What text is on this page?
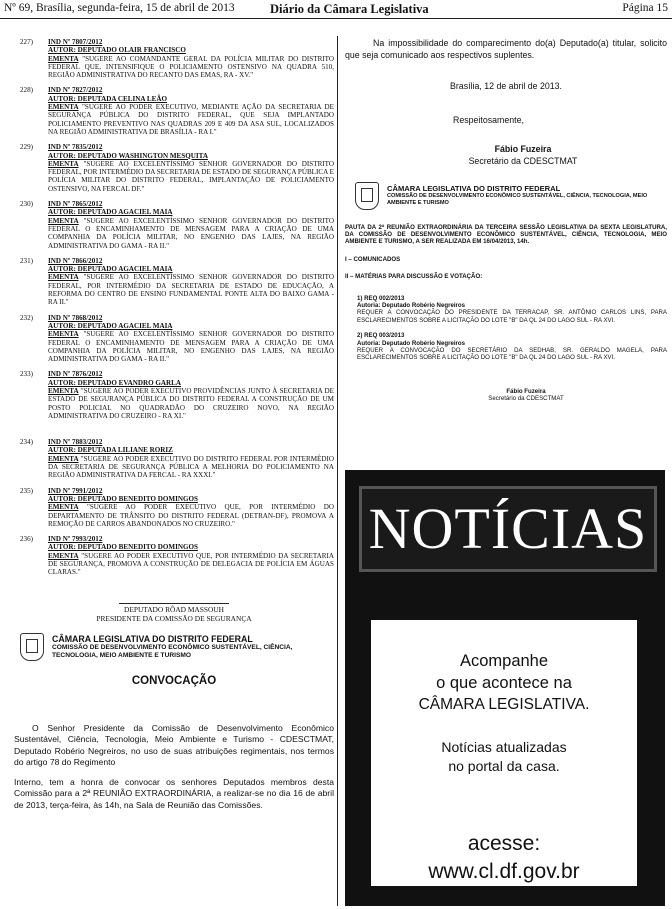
Nº 69, Brasília, segunda-feira, 15 de abril de 2013	Diário da Câmara Legislativa	Página 15
227) IND Nº 7807/2012
AUTOR: DEPUTADO OLAIR FRANCISCO
EMENTA "SUGERE AO COMANDANTE GERAL DA POLÍCIA MILITAR DO DISTRITO FEDERAL QUE, INTENSIFIQUE O POLICIAMENTO OSTENSIVO NA QUADRA 510, REGIÃO ADMINISTRATIVA DO RECANTO DAS EMAS, RA - XV."
228) IND Nº 7827/2012
AUTOR: DEPUTADA CELINA LEÃO
EMENTA "SUGERE AO PODER EXECUTIVO, MEDIANTE AÇÃO DA SECRETARIA DE SEGURANÇA PÚBLICA DO DISTRITO FEDERAL, QUE SEJA IMPLANTADO POLICIAMENTO PREVENTIVO NAS QUADRAS 209 E 409 DA ASA SUL, LOCALIZADOS NA REGIÃO ADMINISTRATIVA DE BRASÍLIA - RA I."
229) IND Nº 7835/2012
AUTOR: DEPUTADO WASHINGTON MESQUITA
EMENTA "SUGERE AO EXCELENTÍSSIMO SENHOR GOVERNADOR DO DISTRITO FEDERAL, POR INTERMÉDIO DA SECRETARIA DE ESTADO DE SEGURANÇA PÚBLICA E POLÍCIA MILITAR DO DISTRITO FEDERAL, IMPLANTAÇÃO DE POLICIAMENTO OSTENSIVO, NA FERCAL DF."
230) IND Nº 7865/2012
AUTOR: DEPUTADO AGACIEL MAIA
EMENTA "SUGERE AO EXCELENTÍSSIMO SENHOR GOVERNADOR DO DISTRITO FEDERAL O ENCAMINHAMENTO DE MENSAGEM PARA A CRIAÇÃO DE UMA COMPANHIA DA POLÍCIA MILITAR, NO ENGENHO DAS LAJES, NA REGIÃO ADMINISTRATIVA DO GAMA - RA II."
231) IND Nº 7866/2012
AUTOR: DEPUTADO AGACIEL MAIA
EMENTA "SUGERE AO EXCELENTÍSSIMO SENHOR GOVERNADOR DO DISTRITO FEDERAL, POR INTERMÉDIO DA SECRETARIA DE ESTADO DE EDUCAÇÃO, A REFORMA DO CENTRO DE ENSINO FUNDAMENTAL PONTE ALTA DO BAIXO GAMA - RA II."
232) IND Nº 7868/2012
AUTOR: DEPUTADO AGACIEL MAIA
EMENTA "SUGERE AO EXCELENTÍSSIMO SENHOR GOVERNADOR DO DISTRITO FEDERAL O ENCAMINHAMENTO DE MENSAGEM PARA A CRIAÇÃO DE UMA COMPANHIA DA POLÍCIA MILITAR, NO ENGENHO DAS LAJES, NA REGIÃO ADMINISTRATIVA DO GAMA - RA II."
233) IND Nº 7876/2012
AUTOR: DEPUTADO EVANDRO GARLA
EMENTA "SUGERE AO PODER EXECUTIVO PROVIDÊNCIAS JUNTO À SECRETARIA DE ESTADO DE SEGURANÇA PÚBLICA DO DISTRITO FEDERAL A CONSTRUÇÃO DE UM POSTO POLICIAL NO QUADRADÃO DO CRUZEIRO NOVO, NA REGIÃO ADMINISTRATIVA DO CRUZEIRO - RA XI."
234) IND Nº 7883/2012
AUTOR: DEPUTADA LILIANE RORIZ
EMENTA "SUGERE AO PODER EXECUTIVO DO DISTRITO FEDERAL POR INTERMÉDIO DA SECRETARIA DE SEGURANÇA PÚBLICA A MELHORIA DO POLICIAMENTO NA REGIÃO ADMINISTRATIVA DA FERCAL - RA XXXI."
235) IND Nº 7991/2012
AUTOR: DEPUTADO BENEDITO DOMINGOS
EMENTA "SUGERE AO PODER EXECUTIVO QUE, POR INTERMÉDIO DO DEPARTAMENTO DE TRÂNSITO DO DISTRITO FEDERAL (DETRAN-DF), PROMOVA A REMOÇÃO DE CARROS ABANDONADOS NO CRUZEIRO."
236) IND Nº 7993/2012
AUTOR: DEPUTADO BENEDITO DOMINGOS
EMENTA "SUGERE AO PODER EXECUTIVO QUE, POR INTERMÉDIO DA SECRETARIA DE SEGURANÇA, PROMOVA A CONSTRUÇÃO DE DELEGACIA DE POLÍCIA EM ÁGUAS CLARAS."
DEPUTADO RÔAD MASSOUH
PRESIDENTE DA COMISSÃO DE SEGURANÇA
CÂMARA LEGISLATIVA DO DISTRITO FEDERAL
COMISSÃO DE DESENVOLVIMENTO ECONÔMICO SUSTENTÁVEL, CIÊNCIA, TECNOLOGIA, MEIO AMBIENTE E TURISMO
CONVOCAÇÃO
O Senhor Presidente da Comissão de Desenvolvimento Econômico Sustentável, Ciência, Tecnologia, Meio Ambiente e Turismo - CDESCTMAT, Deputado Robério Negreiros, no uso de suas atribuições regimentais, nos termos do artigo 78 do Regimento
Interno, tem a honra de convocar os senhores Deputados membros desta Comissão para a 2ª REUNIÃO EXTRAORDINÁRIA, a realizar-se no dia 16 de abril de 2013, terça-feira, às 14h, na Sala de Reunião das Comissões.
Na impossibilidade do comparecimento do(a) Deputado(a) titular, solicito que seja comunicado aos respectivos suplentes.
Brasília, 12 de abril de 2013.
Respeitosamente,
Fábio Fuzeira
Secretário da CDESCTMAT
CÂMARA LEGISLATIVA DO DISTRITO FEDERAL
COMISSÃO DE DESENVOLVIMENTO ECONÔMICO SUSTENTÁVEL, CIÊNCIA, TECNOLOGIA, MEIO AMBIENTE E TURISMO
PAUTA DA 2ª REUNIÃO EXTRAORDINÁRIA DA TERCEIRA SESSÃO LEGISLATIVA DA SEXTA LEGISLATURA, DA COMISSÃO DE DESENVOLVIMENTO ECONÔMICO SUSTENTÁVEL, CIÊNCIA, TECNOLOGIA, MEIO AMBIENTE E TURISMO, A SER REALIZADA EM 16/04/2013, 14h.
I – COMUNICADOS
II – MATÉRIAS PARA DISCUSSÃO E VOTAÇÃO:
1) REQ 002/2013
Autoria: Deputado Robério Negreiros
REQUER A CONVOCAÇÃO DO PRESIDENTE DA TERRACAP, SR. ANTÔNIO CARLOS LINS, PARA ESCLARECIMENTOS SOBRE A LICITAÇÃO DO LOTE "B" DA QL 24 DO LAGO SUL - RA XVI.
2) REQ 003/2013
Autoria: Deputado Robério Negreiros
REQUER A CONVOCAÇÃO DO SECRETÁRIO DA SEDHAB, SR. GERALDO MAGELA, PARA ESCLARECIMENTOS SOBRE A LICITAÇÃO DO LOTE "B" DA QL 24 DO LAGO SUL - RA XVI.
Fábio Fuzeira
Secretário da CDESCTMAT
NOTÍCIAS
Acompanhe
o que acontece na
CÂMARA LEGISLATIVA.
Notícias atualizadas
no portal da casa.
acesse:
www.cl.df.gov.br
